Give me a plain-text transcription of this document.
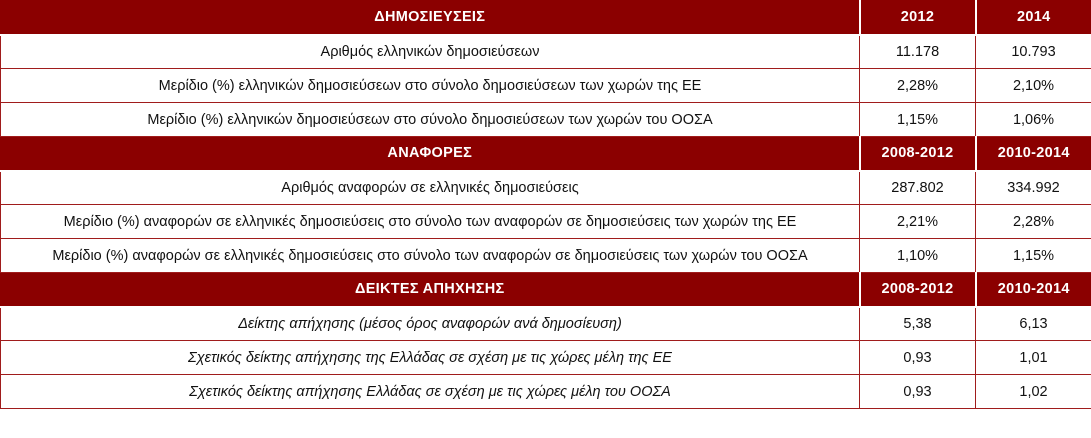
ΔΗΜΟΣΙΕΥΣΕΙΣ	2012	2014
Αριθμός ελληνικών δημοσιεύσεων	11.178	10.793
Μερίδιο (%) ελληνικών δημοσιεύσεων στο σύνολο δημοσιεύσεων των χωρών της ΕΕ	2,28%	2,10%
Μερίδιο (%) ελληνικών δημοσιεύσεων στο σύνολο δημοσιεύσεων των χωρών του ΟΟΣΑ	1,15%	1,06%
ΑΝΑΦΟΡΕΣ	2008-2012	2010-2014
Αριθμός αναφορών σε ελληνικές δημοσιεύσεις	287.802	334.992
Μερίδιο (%) αναφορών σε ελληνικές δημοσιεύσεις στο σύνολο των αναφορών σε δημοσιεύσεις των χωρών της ΕΕ	2,21%	2,28%
Μερίδιο (%) αναφορών σε ελληνικές δημοσιεύσεις στο σύνολο των αναφορών σε δημοσιεύσεις των χωρών του ΟΟΣΑ	1,10%	1,15%
ΔΕΙΚΤΕΣ ΑΠΗΧΗΣΗΣ	2008-2012	2010-2014
Δείκτης απήχησης (μέσος όρος αναφορών ανά δημοσίευση)	5,38	6,13
Σχετικός δείκτης απήχησης της Ελλάδας σε σχέση με τις χώρες μέλη της ΕΕ	0,93	1,01
Σχετικός δείκτης απήχησης Ελλάδας σε σχέση με τις χώρες μέλη του ΟΟΣΑ	0,93	1,02
